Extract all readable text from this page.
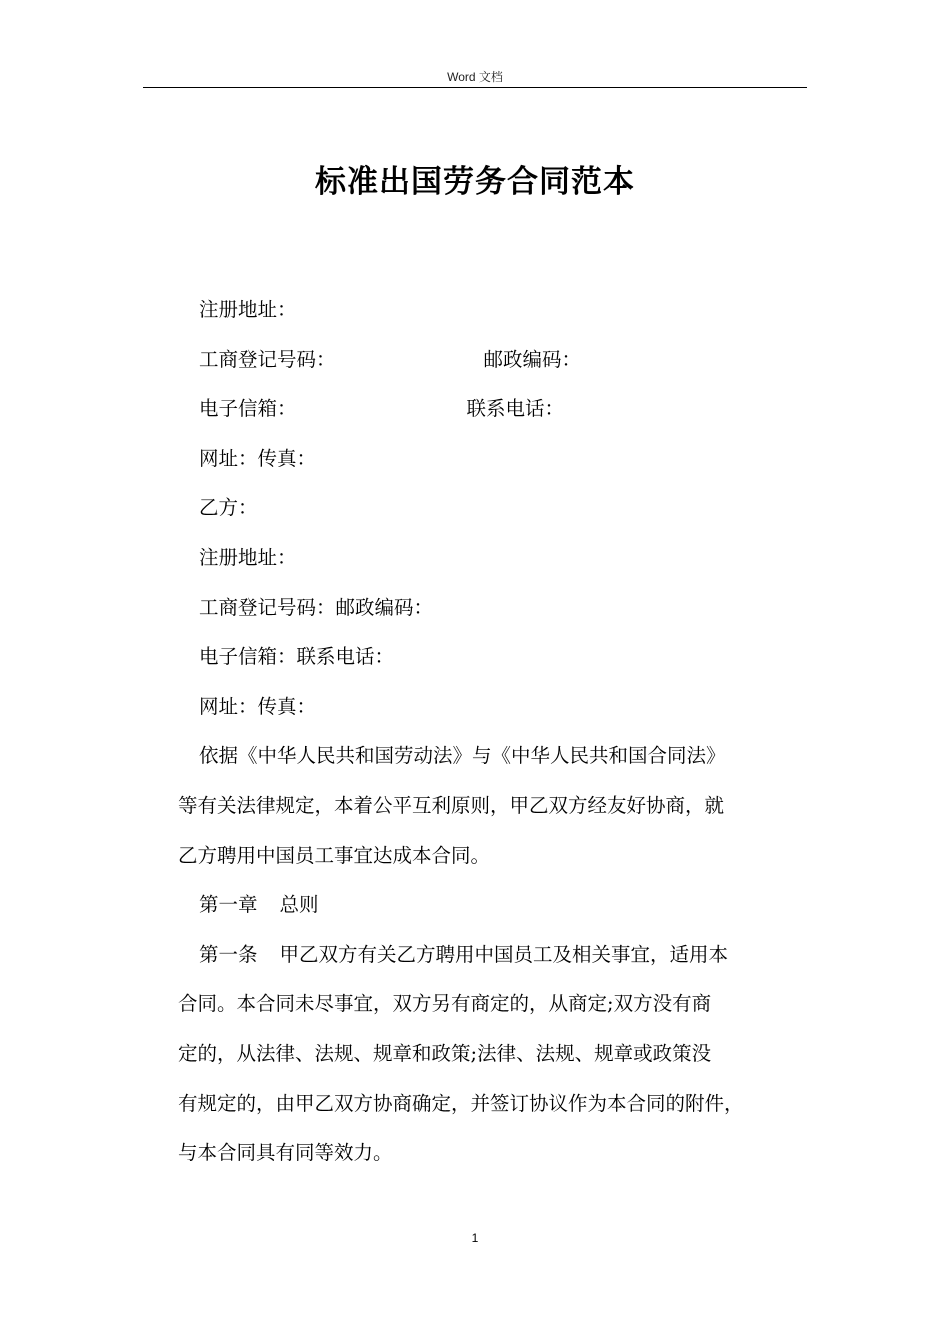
Word 文档
标准出国劳务合同范本
注册地址：
工商登记号码：	邮政编码：
电子信箱：	联系电话：
网址：传真：
乙方：
注册地址：
工商登记号码：邮政编码：
电子信箱：联系电话：
网址：传真：
依据《中华人民共和国劳动法》与《中华人民共和国合同法》
等有关法律规定，本着公平互利原则，甲乙双方经友好协商，就
乙方聘用中国员工事宜达成本合同。
第一章 总则
第一条 甲乙双方有关乙方聘用中国员工及相关事宜，适用本
合同。本合同未尽事宜，双方另有商定的，从商定;双方没有商
定的，从法律、法规、规章和政策;法律、法规、规章或政策没
有规定的，由甲乙双方协商确定，并签订协议作为本合同的附件，
与本合同具有同等效力。
1
